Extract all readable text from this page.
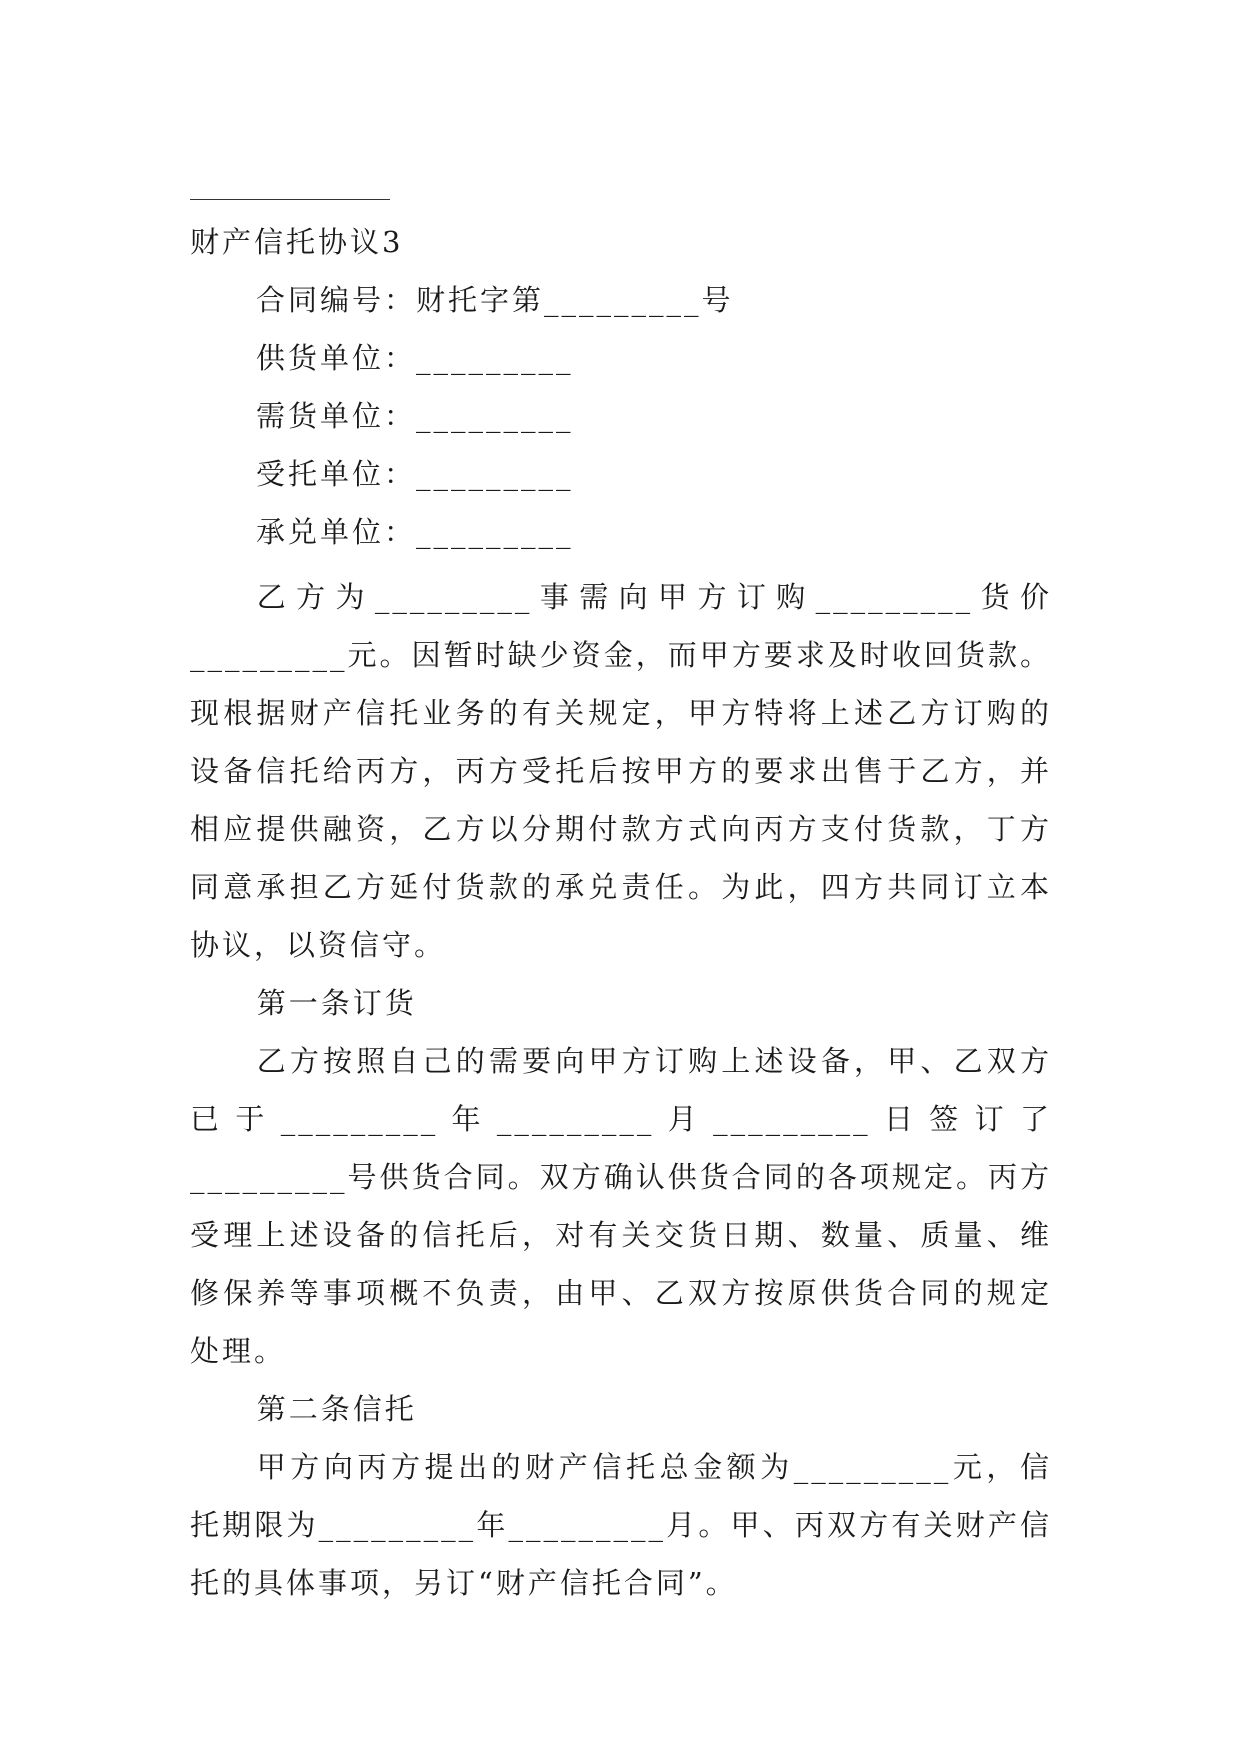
财产信托协议3
合同编号：财托字第_________号
供货单位：_________
需货单位：_________
受托单位：_________
承兑单位：_________

乙方为_________事需向甲方订购_________货价_________元。因暂时缺少资金，而甲方要求及时收回货款。现根据财产信托业务的有关规定，甲方特将上述乙方订购的设备信托给丙方，丙方受托后按甲方的要求出售于乙方，并相应提供融资，乙方以分期付款方式向丙方支付货款，丁方同意承担乙方延付货款的承兑责任。为此，四方共同订立本协议，以资信守。

第一条订货

乙方按照自己的需要向甲方订购上述设备，甲、乙双方已于_________年_________月_________日签订了_________号供货合同。双方确认供货合同的各项规定。丙方受理上述设备的信托后，对有关交货日期、数量、质量、维修保养等事项概不负责，由甲、乙双方按原供货合同的规定处理。

第二条信托

甲方向丙方提出的财产信托总金额为_________元，信托期限为_________年_________月。甲、丙双方有关财产信托的具体事项，另订“财产信托合同”。
